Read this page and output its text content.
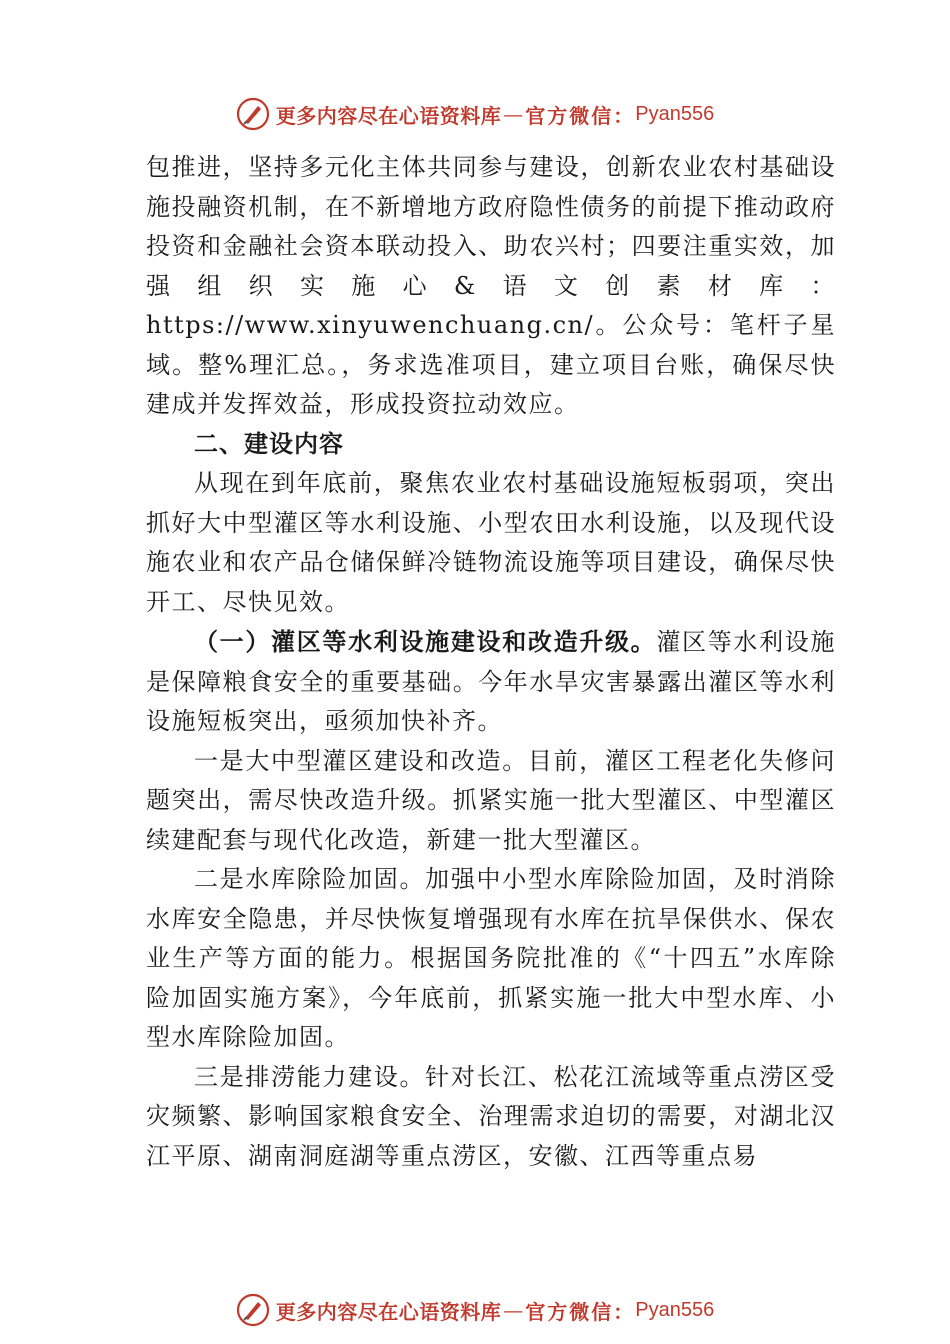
更多内容尽在心语资料库 — 官方微信： Pyan556

包推进，坚持多元化主体共同参与建设，创新农业农村基础设施投融资机制，在不新增地方政府隐性债务的前提下推动政府投资和金融社会资本联动投入、助农兴村；四要注重实效，加强组织实施心&语文创素材库：https://www.xinyuwenchuang.cn/。公众号：笔杆子星域。整%理汇总。，务求选准项目，建立项目台账，确保尽快建成并发挥效益，形成投资拉动效应。

二、建设内容

从现在到年底前，聚焦农业农村基础设施短板弱项，突出抓好大中型灌区等水利设施、小型农田水利设施，以及现代设施农业和农产品仓储保鲜冷链物流设施等项目建设，确保尽快开工、尽快见效。

（一）灌区等水利设施建设和改造升级。灌区等水利设施是保障粮食安全的重要基础。今年水旱灾害暴露出灌区等水利设施短板突出，亟须加快补齐。

一是大中型灌区建设和改造。目前，灌区工程老化失修问题突出，需尽快改造升级。抓紧实施一批大型灌区、中型灌区续建配套与现代化改造，新建一批大型灌区。

二是水库除险加固。加强中小型水库除险加固，及时消除水库安全隐患，并尽快恢复增强现有水库在抗旱保供水、保农业生产等方面的能力。根据国务院批准的《“十四五”水库除险加固实施方案》，今年底前，抓紧实施一批大中型水库、小型水库除险加固。

三是排涝能力建设。针对长江、松花江流域等重点涝区受灾频繁、影响国家粮食安全、治理需求迫切的需要，对湖北汉江平原、湖南洞庭湖等重点涝区，安徽、江西等重点易

更多内容尽在心语资料库 — 官方微信： Pyan556
